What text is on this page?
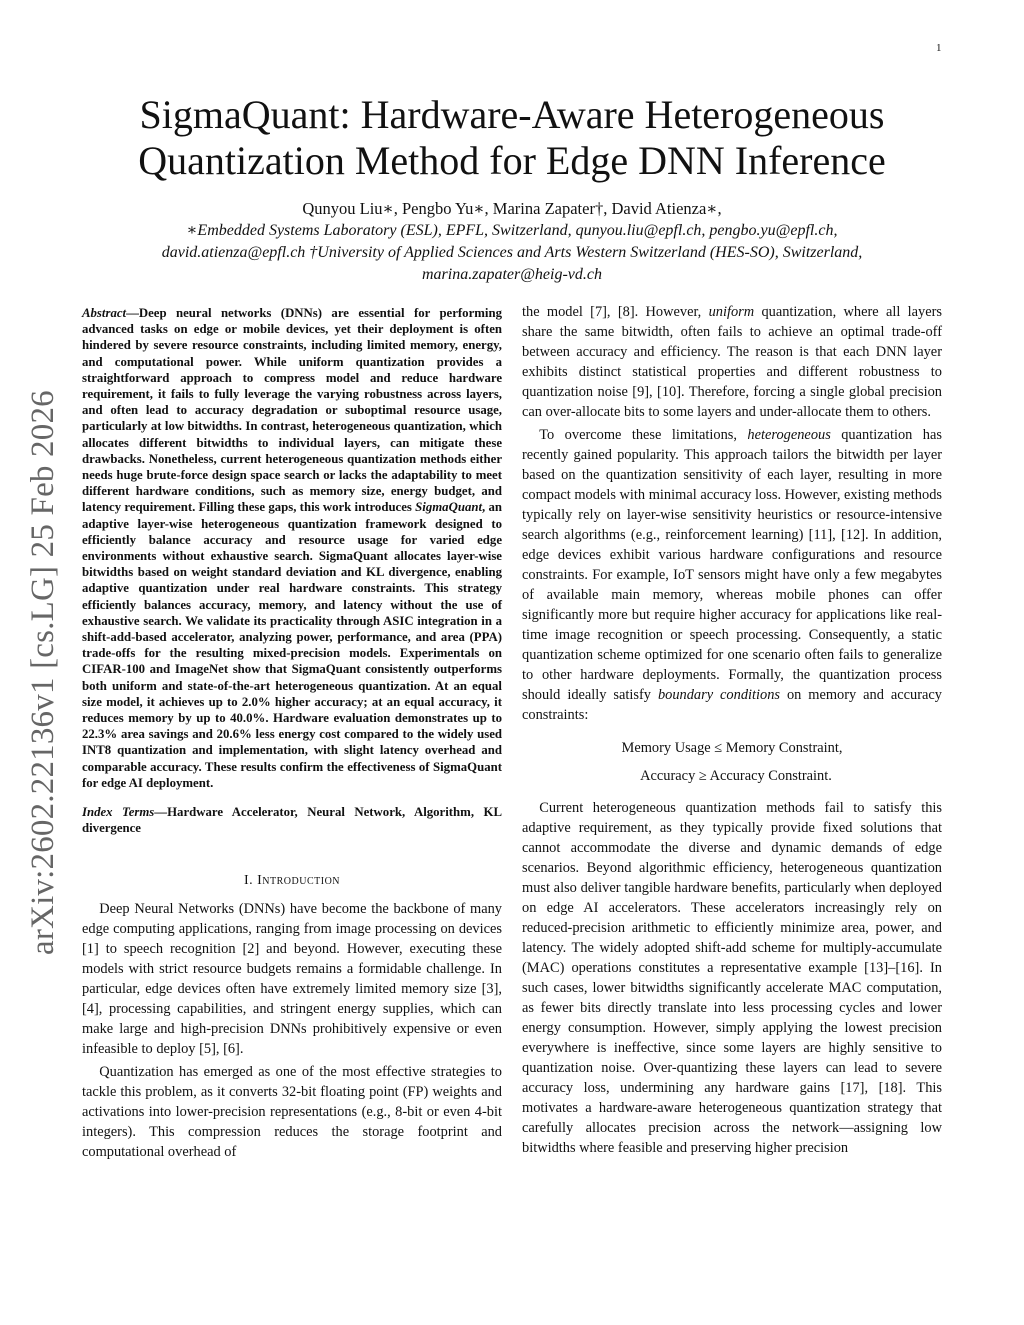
1
arXiv:2602.22136v1 [cs.LG] 25 Feb 2026
SigmaQuant: Hardware-Aware Heterogeneous
Quantization Method for Edge DNN Inference
Qunyou Liu∗, Pengbo Yu∗, Marina Zapater†, David Atienza∗,
∗Embedded Systems Laboratory (ESL), EPFL, Switzerland, qunyou.liu@epfl.ch, pengbo.yu@epfl.ch,
david.atienza@epfl.ch †University of Applied Sciences and Arts Western Switzerland (HES-SO), Switzerland,
marina.zapater@heig-vd.ch

Abstract—Deep neural networks (DNNs) are essential for performing advanced tasks on edge or mobile devices, yet their deployment is often hindered by severe resource constraints, including limited memory, energy, and computational power. While uniform quantization provides a straightforward approach to compress model and reduce hardware requirement, it fails to fully leverage the varying robustness across layers, and often lead to accuracy degradation or suboptimal resource usage, particularly at low bitwidths. In contrast, heterogeneous quantization, which allocates different bitwidths to individual layers, can mitigate these drawbacks. Nonetheless, current heterogeneous quantization methods either needs huge brute-force design space search or lacks the adaptability to meet different hardware conditions, such as memory size, energy budget, and latency requirement. Filling these gaps, this work introduces SigmaQuant, an adaptive layer-wise heterogeneous quantization framework designed to efficiently balance accuracy and resource usage for varied edge environments without exhaustive search. SigmaQuant allocates layer-wise bitwidths based on weight standard deviation and KL divergence, enabling adaptive quantization under real hardware constraints. This strategy efficiently balances accuracy, memory, and latency without the use of exhaustive search. We validate its practicality through ASIC integration in a shift-add-based accelerator, analyzing power, performance, and area (PPA) trade-offs for the resulting mixed-precision models. Experimentals on CIFAR-100 and ImageNet show that SigmaQuant consistently outperforms both uniform and state-of-the-art heterogeneous quantization. At an equal size model, it achieves up to 2.0% higher accuracy; at an equal accuracy, it reduces memory by up to 40.0%. Hardware evaluation demonstrates up to 22.3% area savings and 20.6% less energy cost compared to the widely used INT8 quantization and implementation, with slight latency overhead and comparable accuracy. These results confirm the effectiveness of SigmaQuant for edge AI deployment.

Index Terms—Hardware Accelerator, Neural Network, Algorithm, KL divergence

I. Introduction

Deep Neural Networks (DNNs) have become the backbone of many edge computing applications, ranging from image processing on devices [1] to speech recognition [2] and beyond. However, executing these models with strict resource budgets remains a formidable challenge. In particular, edge devices often have extremely limited memory size [3], [4], processing capabilities, and stringent energy supplies, which can make large and high-precision DNNs prohibitively expensive or even infeasible to deploy [5], [6].

Quantization has emerged as one of the most effective strategies to tackle this problem, as it converts 32-bit floating point (FP) weights and activations into lower-precision representations (e.g., 8-bit or even 4-bit integers). This compression reduces the storage footprint and computational overhead of

the model [7], [8]. However, uniform quantization, where all layers share the same bitwidth, often fails to achieve an optimal trade-off between accuracy and efficiency. The reason is that each DNN layer exhibits distinct statistical properties and different robustness to quantization noise [9], [10]. Therefore, forcing a single global precision can over-allocate bits to some layers and under-allocate them to others.

To overcome these limitations, heterogeneous quantization has recently gained popularity. This approach tailors the bitwidth per layer based on the quantization sensitivity of each layer, resulting in more compact models with minimal accuracy loss. However, existing methods typically rely on layer-wise sensitivity heuristics or resource-intensive search algorithms (e.g., reinforcement learning) [11], [12]. In addition, edge devices exhibit various hardware configurations and resource constraints. For example, IoT sensors might have only a few megabytes of available main memory, whereas mobile phones can offer significantly more but require higher accuracy for applications like real-time image recognition or speech processing. Consequently, a static quantization scheme optimized for one scenario often fails to generalize to other hardware deployments. Formally, the quantization process should ideally satisfy boundary conditions on memory and accuracy constraints:

Memory Usage ≤ Memory Constraint,
Accuracy ≥ Accuracy Constraint.

Current heterogeneous quantization methods fail to satisfy this adaptive requirement, as they typically provide fixed solutions that cannot accommodate the diverse and dynamic demands of edge scenarios. Beyond algorithmic efficiency, heterogeneous quantization must also deliver tangible hardware benefits, particularly when deployed on edge AI accelerators. These accelerators increasingly rely on reduced-precision arithmetic to efficiently minimize area, power, and latency. The widely adopted shift-add scheme for multiply-accumulate (MAC) operations constitutes a representative example [13]–[16]. In such cases, lower bitwidths significantly accelerate MAC computation, as fewer bits directly translate into less processing cycles and lower energy consumption. However, simply applying the lowest precision everywhere is ineffective, since some layers are highly sensitive to quantization noise. Over-quantizing these layers can lead to severe accuracy loss, undermining any hardware gains [17], [18]. This motivates a hardware-aware heterogeneous quantization strategy that carefully allocates precision across the network—assigning low bitwidths where feasible and preserving higher precision
